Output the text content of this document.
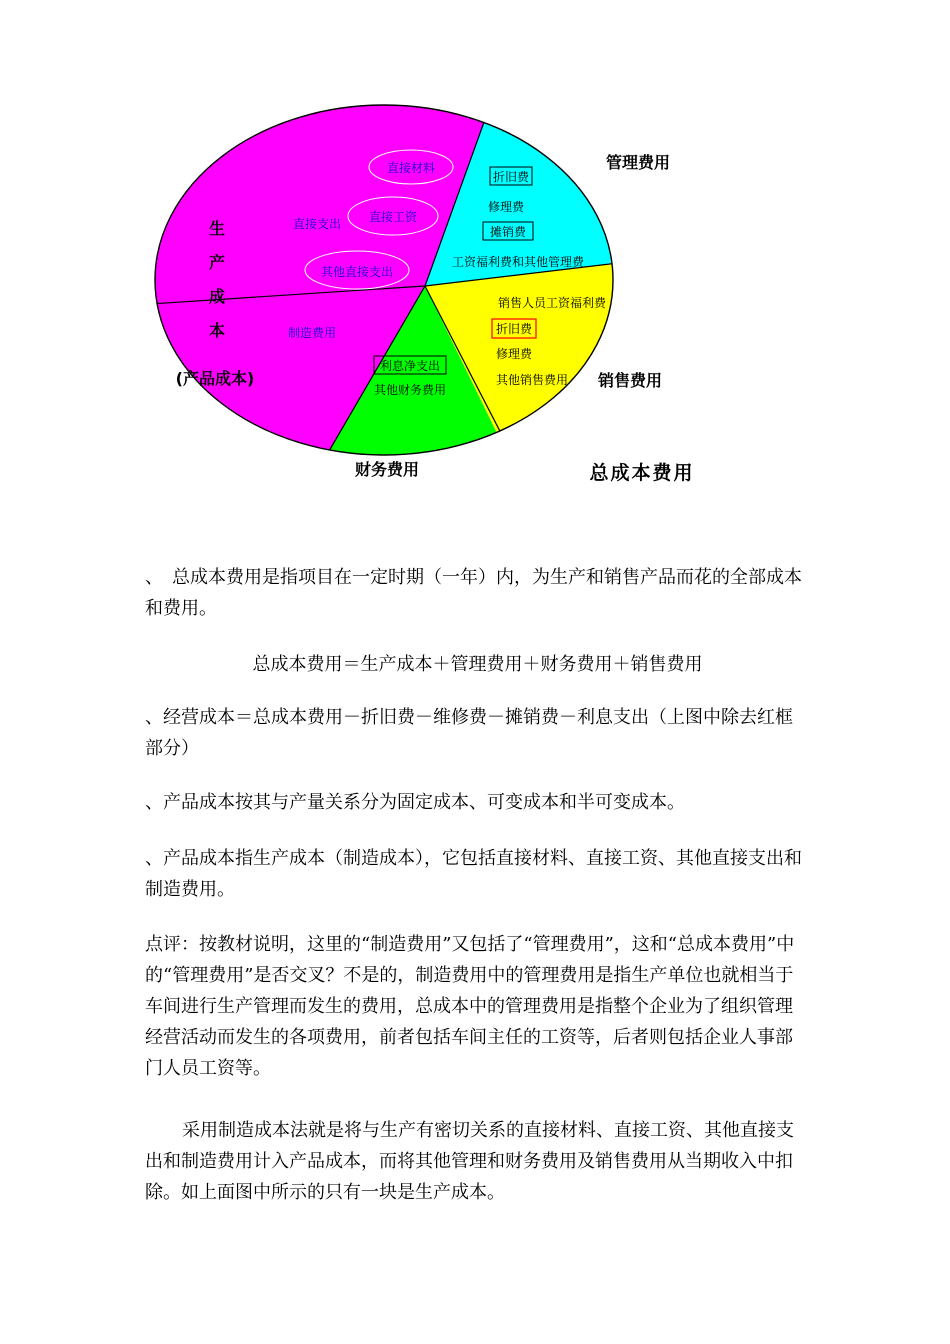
直接材料
直接工资
直接支出
其他直接支出
制造费用
折旧费
修理费
摊销费
工资福利费和其他管理费
销售人员工资福利费
折旧费
修理费
其他销售费用
利息净支出
其他财务费用
生
产
成
本
(产品成本)
管理费用
销售费用
财务费用	总成本费用

、　总成本费用是指项目在一定时期（一年）内，为生产和销售产品而花的全部成本和费用。

总成本费用＝生产成本＋管理费用＋财务费用＋销售费用

、经营成本＝总成本费用－折旧费－维修费－摊销费－利息支出（上图中除去红框部分）

、产品成本按其与产量关系分为固定成本、可变成本和半可变成本。

、产品成本指生产成本（制造成本），它包括直接材料、直接工资、其他直接支出和制造费用。

点评：按教材说明，这里的“制造费用”又包括了“管理费用”，这和“总成本费用”中的“管理费用”是否交叉？不是的，制造费用中的管理费用是指生产单位也就相当于车间进行生产管理而发生的费用，总成本中的管理费用是指整个企业为了组织管理经营活动而发生的各项费用，前者包括车间主任的工资等，后者则包括企业人事部门人员工资等。

采用制造成本法就是将与生产有密切关系的直接材料、直接工资、其他直接支出和制造费用计入产品成本，而将其他管理和财务费用及销售费用从当期收入中扣除。如上面图中所示的只有一块是生产成本。
